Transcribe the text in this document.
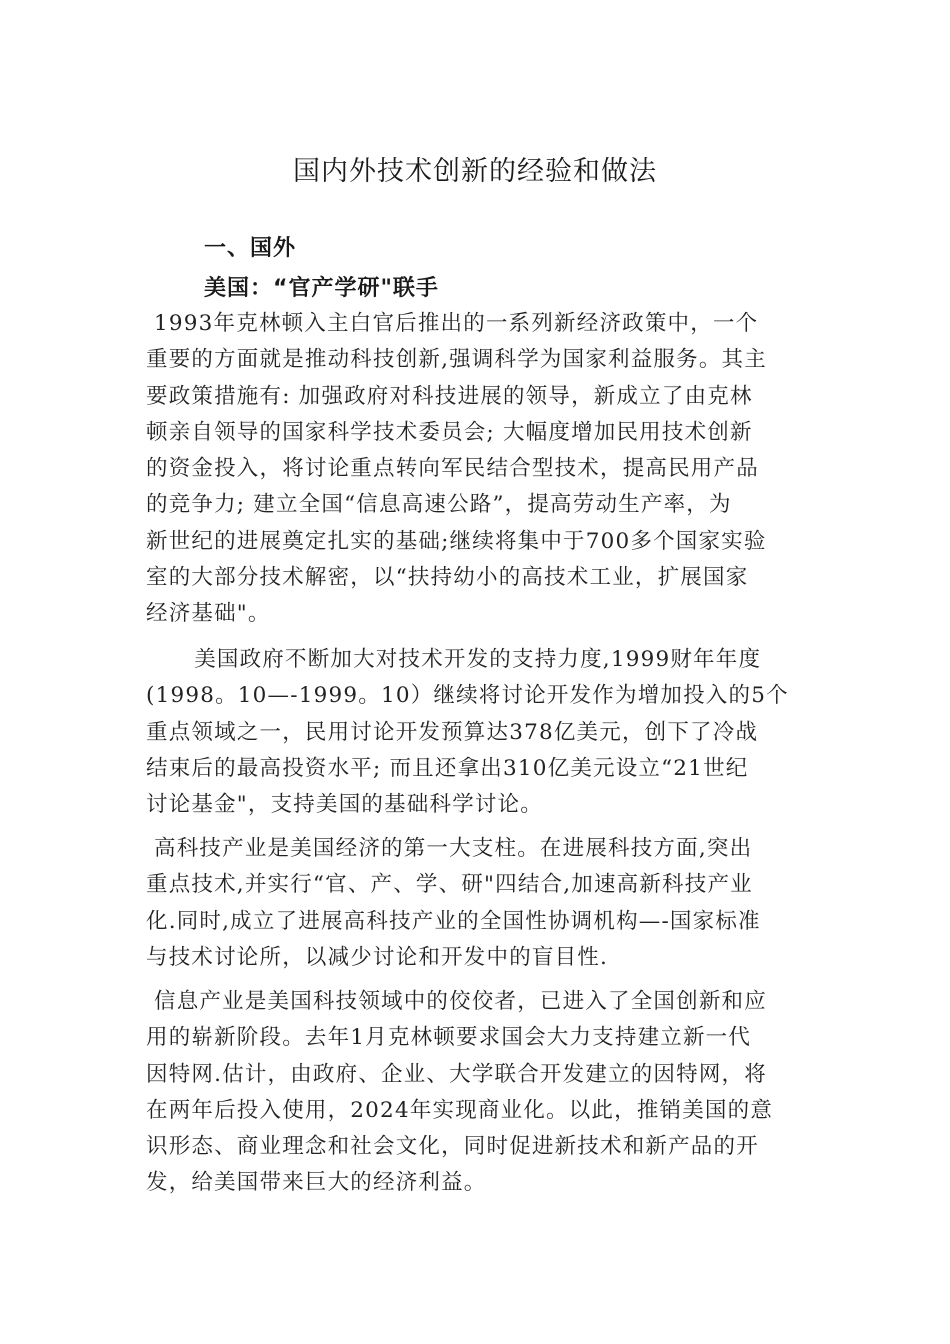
国内外技术创新的经验和做法
一、国外
美国：“官产学研"联手
1993年克林顿入主白官后推出的一系列新经济政策中，一个
重要的方面就是推动科技创新,强调科学为国家利益服务。其主
要政策措施有: 加强政府对科技进展的领导，新成立了由克林
顿亲自领导的国家科学技术委员会; 大幅度增加民用技术创新
的资金投入，将讨论重点转向军民结合型技术，提高民用产品
的竞争力; 建立全国“信息高速公路”，提高劳动生产率，为
新世纪的进展奠定扎实的基础;继续将集中于700多个国家实验
室的大部分技术解密，以“扶持幼小的高技术工业，扩展国家
经济基础"。
美国政府不断加大对技术开发的支持力度,1999财年年度
(1998。10—-1999。10）继续将讨论开发作为增加投入的5个
重点领域之一，民用讨论开发预算达378亿美元，创下了冷战
结束后的最高投资水平; 而且还拿出310亿美元设立“21世纪
讨论基金"，支持美国的基础科学讨论。
高科技产业是美国经济的第一大支柱。在进展科技方面,突出
重点技术,并实行“官、产、学、研"四结合,加速高新科技产业
化.同时,成立了进展高科技产业的全国性协调机构—-国家标准
与技术讨论所，以减少讨论和开发中的盲目性.
信息产业是美国科技领域中的佼佼者，已进入了全国创新和应
用的崭新阶段。去年1月克林顿要求国会大力支持建立新一代
因特网.估计，由政府、企业、大学联合开发建立的因特网，将
在两年后投入使用，2024年实现商业化。以此，推销美国的意
识形态、商业理念和社会文化，同时促进新技术和新产品的开
发，给美国带来巨大的经济利益。
